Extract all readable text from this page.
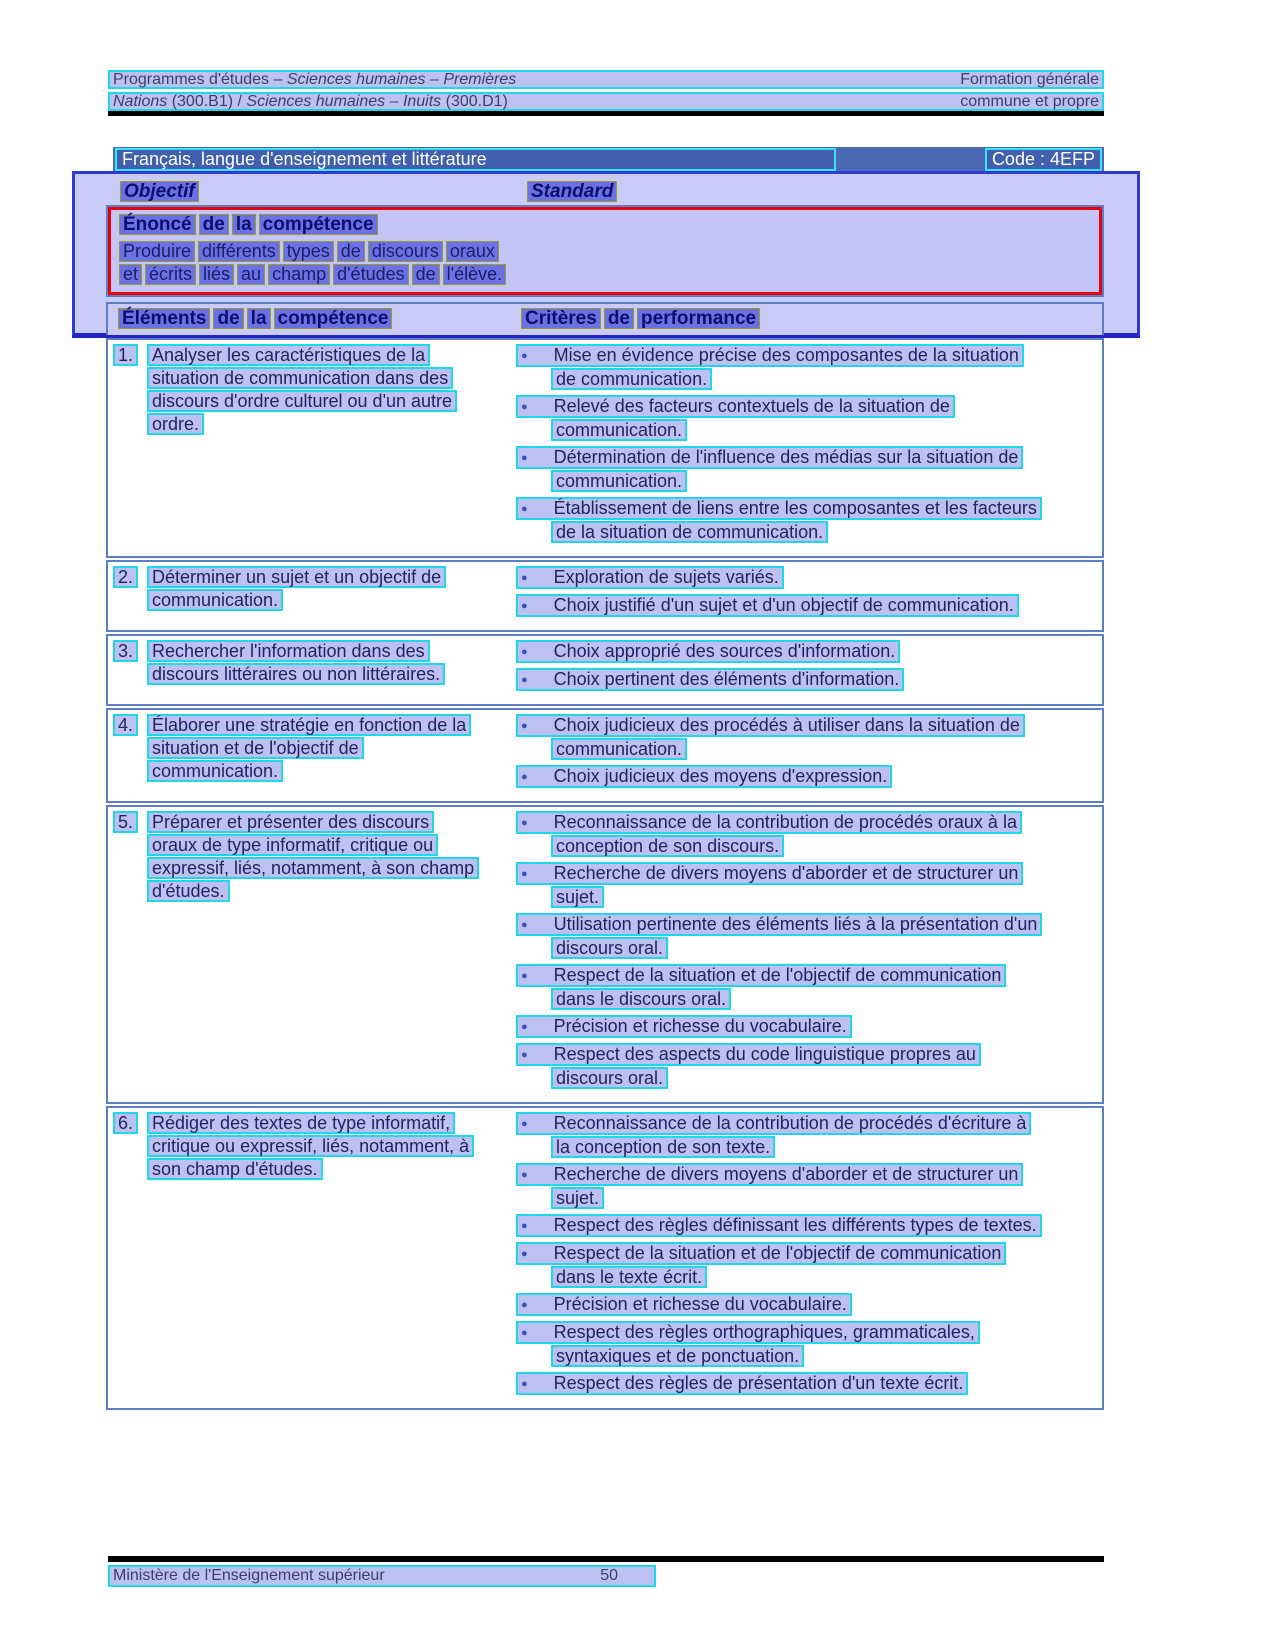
Programmes d'études – Sciences humaines – Premières	Formation générale
Nations (300.B1) / Sciences humaines – Inuits (300.D1)	commune et propre
Français, langue d'enseignement et littérature	Code : 4EFP
Objectif	Standard
Énoncé de la compétence
Produire différents types de discours oraux
et écrits liés au champ d'études de l'élève.
Éléments de la compétence	Critères de performance
1. Analyser les caractéristiques de la
situation de communication dans des
discours d'ordre culturel ou d'un autre
ordre.
● Mise en évidence précise des composantes de la situation
de communication.
● Relevé des facteurs contextuels de la situation de
communication.
● Détermination de l'influence des médias sur la situation de
communication.
● Établissement de liens entre les composantes et les facteurs
de la situation de communication.
2. Déterminer un sujet et un objectif de
communication.
● Exploration de sujets variés.
● Choix justifié d'un sujet et d'un objectif de communication.
3. Rechercher l'information dans des
discours littéraires ou non littéraires.
● Choix approprié des sources d'information.
● Choix pertinent des éléments d'information.
4. Élaborer une stratégie en fonction de la
situation et de l'objectif de
communication.
● Choix judicieux des procédés à utiliser dans la situation de
communication.
● Choix judicieux des moyens d'expression.
5. Préparer et présenter des discours
oraux de type informatif, critique ou
expressif, liés, notamment, à son champ
d'études.
● Reconnaissance de la contribution de procédés oraux à la
conception de son discours.
● Recherche de divers moyens d'aborder et de structurer un
sujet.
● Utilisation pertinente des éléments liés à la présentation d'un
discours oral.
● Respect de la situation et de l'objectif de communication
dans le discours oral.
● Précision et richesse du vocabulaire.
● Respect des aspects du code linguistique propres au
discours oral.
6. Rédiger des textes de type informatif,
critique ou expressif, liés, notamment, à
son champ d'études.
● Reconnaissance de la contribution de procédés d'écriture à
la conception de son texte.
● Recherche de divers moyens d'aborder et de structurer un
sujet.
● Respect des règles définissant les différents types de textes.
● Respect de la situation et de l'objectif de communication
dans le texte écrit.
● Précision et richesse du vocabulaire.
● Respect des règles orthographiques, grammaticales,
syntaxiques et de ponctuation.
● Respect des règles de présentation d'un texte écrit.
Ministère de l'Enseignement supérieur	50
